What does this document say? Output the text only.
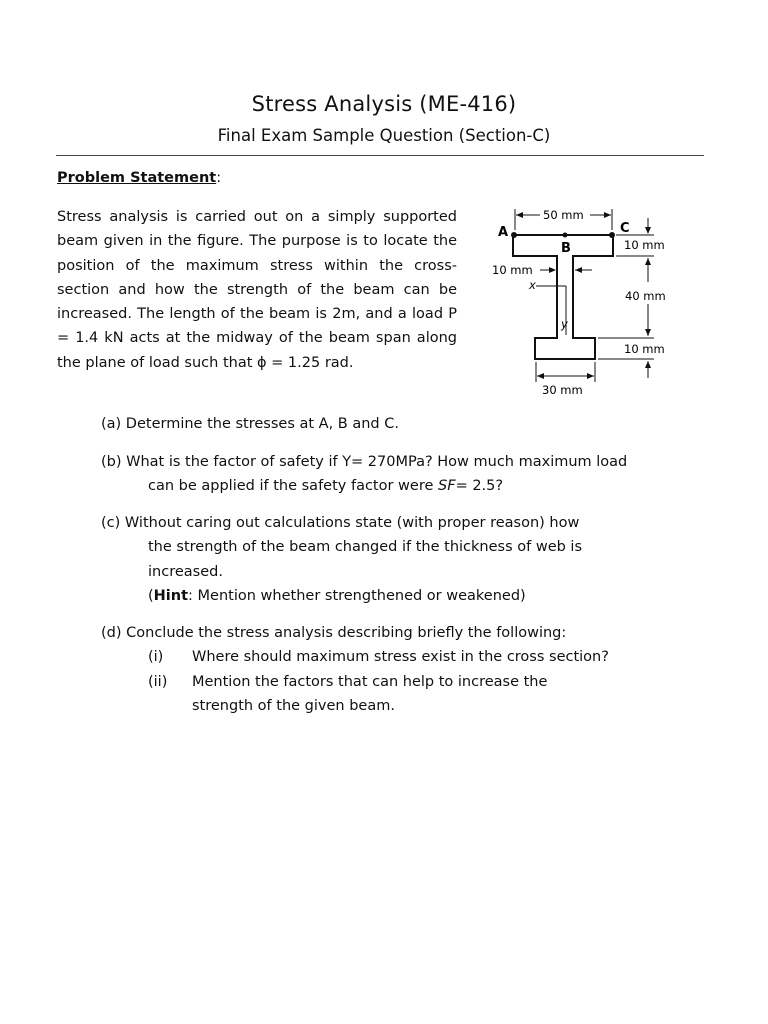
Stress Analysis (ME-416)
Final Exam Sample Question (Section-C)
Problem Statement:
Stress analysis is carried out on a simply supported beam given in the figure. The purpose is to locate the position of the maximum stress within the cross-section and how the strength of the beam can be increased. The length of the beam is 2m, and a load P = 1.4 kN acts at the midway of the beam span along the plane of load such that ϕ = 1.25 rad.
A
B
C
50 mm
10 mm
40 mm
10 mm
10 mm
x
y
30 mm
(a) Determine the stresses at A, B and C.
(b) What is the factor of safety if Y= 270MPa? How much maximum load
can be applied if the safety factor were SF= 2.5?
(c) Without caring out calculations state (with proper reason) how
the strength of the beam changed if the thickness of web is
increased.
(Hint: Mention whether strengthened or weakened)
(d) Conclude the stress analysis describing briefly the following:
(i) Where should maximum stress exist in the cross section?
(ii) Mention the factors that can help to increase the
strength of the given beam.
